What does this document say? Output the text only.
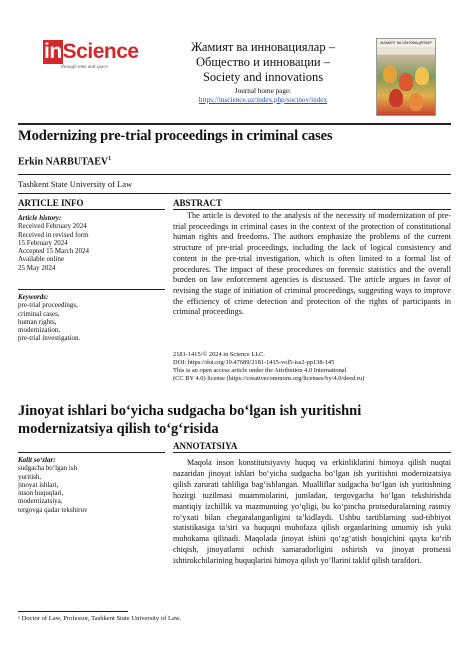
inScience
through time and space
Жамият ва инновациялар –
Общество и инновации –
Society and innovations
Journal home page:
https://inscience.uz/index.php/socinov/index
ЖАМИЯТ ВА ИННОВАЦИЯЛАР
Modernizing pre-trial proceedings in criminal cases
Erkin NARBUTAEV$^1$
Tashkent State University of Law
ARTICLE INFO
Article history:
Received February 2024
Received in revised form
15 February 2024
Accepted 15 March 2024
Available online
25 May 2024
Keywords:
pre-trial proceedings,
criminal cases,
human rights,
modernization,
pre-trial investigation.
ABSTRACT
The article is devoted to the analysis of the necessity of modernization of pre-trial proceedings in criminal cases in the context of the protection of constitutional human rights and freedoms. The authors emphasize the problems of the current structure of pre-trial proceedings, including the lack of logical consistency and content in the pre-trial investigation, which is often limited to a formal list of procedures. The impact of these procedures on forensic statistics and the overall burden on law enforcement agencies is discussed. The article argues in favor of revising the stage of initiation of criminal proceedings, suggesting ways to improve the efficiency of crime detection and protection of the rights of participants in criminal proceedings.
2181-1415/© 2024 in Science LLC.
DOI: https://doi.org/10.47689/2181-1415-vol5-iss2-pp138-145
This is an open access article under the Attribution 4.0 International
(CC BY 4.0) license (https://creativecommons.org/licenses/by/4.0/deed.ru)
Jinoyat ishlari bo‘yicha sudgacha bo‘lgan ish yuritishni modernizatsiya qilish to‘g‘risida
ANNOTATSIYA
Kalit so‘zlar:
sudgacha bo‘lgan ish
yuritish,
jinoyat ishlari,
inson huquqlari,
modernizatsiya,
tergovga qadar tekshiruv
Maqola inson konstitutsiyaviy huquq va erkinliklarini himoya qilish nuqtai nazaridan jinoyat ishlari bo‘yicha sudgacha bo‘lgan ish yuritishni modernizatsiya qilish zarurati tahliliga bag‘ishlangan. Mualliflar sudgacha bo‘lgan ish yuritishning hozirgi tuzilmasi muammolarini, jumladan, tergovgacha bo‘lgan tekshirishda mantiqiy izchillik va mazmunning yo‘qligi, bu ko‘pincha protseduralarning rasmiy ro‘yxati bilan chegaralanganligini ta’kidlaydi. Ushbu tartiblarning sud-tibbiyot statistikasiga ta’siri va huquqni muhofaza qilish organlarining umumiy ish yuki muhokama qilinadi. Maqolada jinoyat ishini qo‘zg‘atish bosqichini qayta ko‘rib chiqish, jinoyatlarni ochish samaradorligini oshirish va jinoyat protsessi ishtirokchilarining huquqlarini himoya qilish yo‘llarini taklif qilish tarafdori.
¹ Doctor of Law, Professor, Tashkent State University of Law.
